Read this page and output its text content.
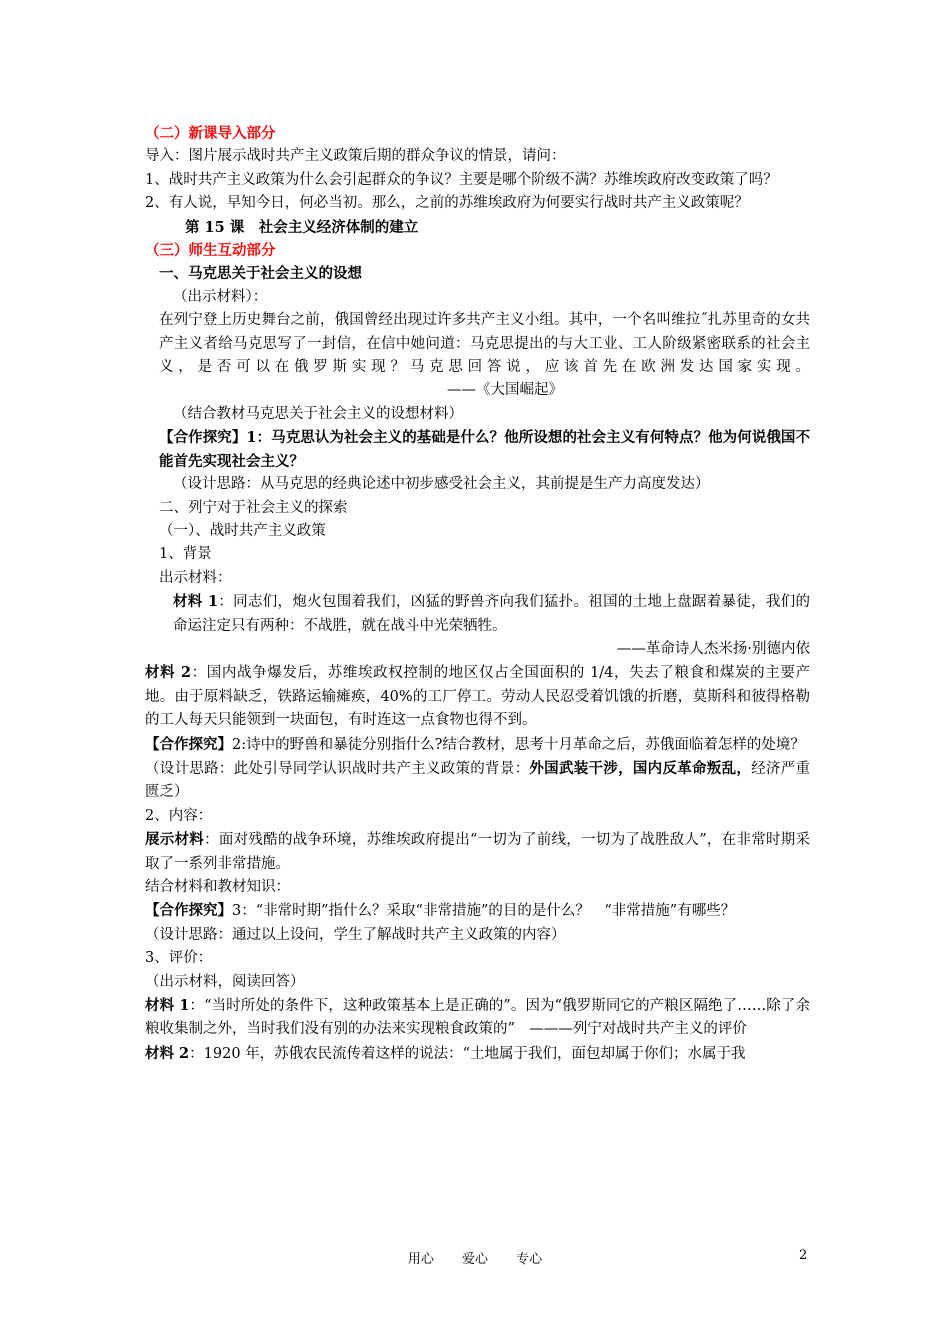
（二）新课导入部分

导入：图片展示战时共产主义政策后期的群众争议的情景，请问：

1、战时共产主义政策为什么会引起群众的争议？主要是哪个阶级不满？苏维埃政府改变政策了吗？

2、有人说，早知今日，何必当初。那么，之前的苏维埃政府为何要实行战时共产主义政策呢？

第 15 课　社会主义经济体制的建立

（三）师生互动部分

一、马克思关于社会主义的设想

（出示材料）：

在列宁登上历史舞台之前，俄国曾经出现过许多共产主义小组。其中，一个名叫维拉˝扎苏里奇的女共产主义者给马克思写了一封信，在信中她问道：马克思提出的与大工业、工人阶级紧密联系的社会主义，是否可以在俄罗斯实现？马克思回答说，应该首先在欧洲发达国家实现。——《大国崛起》

（结合教材马克思关于社会主义的设想材料）

【合作探究】1：马克思认为社会主义的基础是什么？他所设想的社会主义有何特点？他为何说俄国不能首先实现社会主义？

（设计思路：从马克思的经典论述中初步感受社会主义，其前提是生产力高度发达）

二、列宁对于社会主义的探索

（一）、战时共产主义政策

1、背景

出示材料：

材料 1：同志们，炮火包围着我们，凶猛的野兽齐向我们猛扑。祖国的土地上盘踞着暴徒，我们的命运注定只有两种：不战胜，就在战斗中光荣牺牲。

——革命诗人杰米扬·别德内依

材料 2：国内战争爆发后，苏维埃政权控制的地区仅占全国面积的 1/4，失去了粮食和煤炭的主要产地。由于原料缺乏，铁路运输瘫痪，40%的工厂停工。劳动人民忍受着饥饿的折磨，莫斯科和彼得格勒的工人每天只能领到一块面包，有时连这一点食物也得不到。

【合作探究】2:诗中的野兽和暴徒分别指什么?结合教材，思考十月革命之后，苏俄面临着怎样的处境？

（设计思路：此处引导同学认识战时共产主义政策的背景：外国武装干涉，国内反革命叛乱，经济严重匮乏）

2、内容：

展示材料：面对残酷的战争环境，苏维埃政府提出“一切为了前线，一切为了战胜敌人”，在非常时期采取了一系列非常措施。

结合材料和教材知识：

【合作探究】3：“非常时期”指什么？采取“非常措施”的目的是什么？　“非常措施”有哪些？

（设计思路：通过以上设问，学生了解战时共产主义政策的内容）

3、评价：

（出示材料，阅读回答）

材料 1：“当时所处的条件下，这种政策基本上是正确的”。因为“俄罗斯同它的产粮区隔绝了……除了余粮收集制之外，当时我们没有别的办法来实现粮食政策的”　———列宁对战时共产主义的评价

材料 2：1920 年，苏俄农民流传着这样的说法：“土地属于我们，面包却属于你们；水属于我

用心 爱心 专心	2
